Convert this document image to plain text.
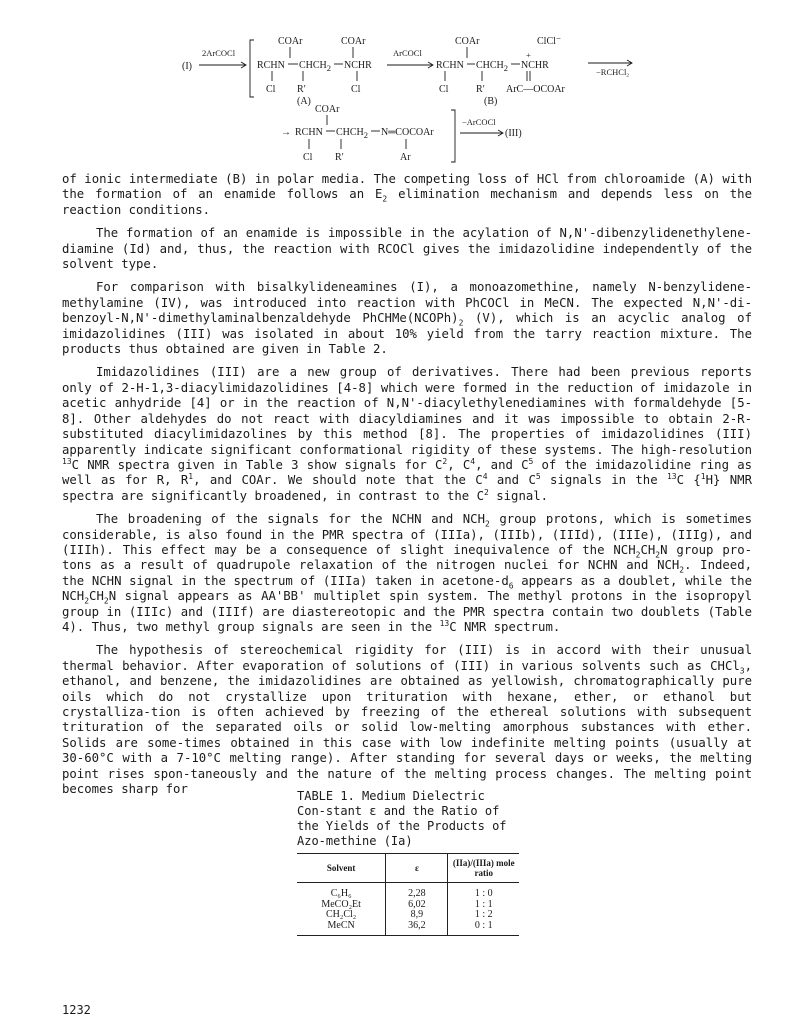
(I)
2ArCOCl
COAr	COAr
RCHN $CHCH_2$ NCHR
Cl R′	Cl
(A)
ArCOCl
COAr	ClCl⁻
+
RCHN $CHCH_2$ NCHR
Cl	R′ ArC—OCOAr
(B)
−RCHCl₂
COAr
→ RCHN $CHCH_2$ N═COCOAr
Cl R′	Ar
−ArCOCl
(III)

of ionic intermediate (B) in polar media. The competing loss of HCl from chloroamide (A) with the formation of an enamide follows an $E_2$ elimination mechanism and depends less on the reaction conditions.

The formation of an enamide is impossible in the acylation of N,N'-dibenzylidenethylene-diamine (Id) and, thus, the reaction with RCOCl gives the imidazolidine independently of the solvent type.

For comparison with bisalkylideneamines (I), a monoazomethine, namely N-benzylidene-methylamine (IV), was introduced into reaction with PhCOCl in MeCN. The expected N,N'-di-benzoyl-N,N'-dimethylaminalbenzaldehyde $PhCHMe(NCOPh)_2$ (V), which is an acyclic analog of imidazolidines (III) was isolated in about 10% yield from the tarry reaction mixture. The products thus obtained are given in Table 2.

Imidazolidines (III) are a new group of derivatives. There had been previous reports only of 2-H-1,3-diacylimidazolidines [4-8] which were formed in the reduction of imidazole in acetic anhydride [4] or in the reaction of N,N'-diacylethylenediamines with formaldehyde [5-8]. Other aldehydes do not react with diacyldiamines and it was impossible to obtain 2-R-substituted diacylimidazolines by this method [8]. The properties of imidazolidines (III) apparently indicate significant conformational rigidity of these systems. The high-resolution $^{13}$C NMR spectra given in Table 3 show signals for $C^2$, $C^4$, and $C^5$ of the imidazolidine ring as well as for R, $R^1$, and COAr. We should note that the $C^4$ and $C^5$ signals in the $^{13}$C {$^1$H} NMR spectra are significantly broadened, in contrast to the $C^2$ signal.

The broadening of the signals for the NCHN and $NCH_2$ group protons, which is sometimes considerable, is also found in the PMR spectra of (IIIa), (IIIb), (IIId), (IIIe), (IIIg), and (IIIh). This effect may be a consequence of slight inequivalence of the $NCH_2CH_2N$ group pro-tons as a result of quadrupole relaxation of the nitrogen nuclei for NCHN and $NCH_2$. Indeed, the NCHN signal in the spectrum of (IIIa) taken in acetone-$d_6$ appears as a doublet, while the $NCH_2CH_2N$ signal appears as AA'BB' multiplet spin system. The methyl protons in the isopropyl group in (IIIc) and (IIIf) are diastereotopic and the PMR spectra contain two doublets (Table 4). Thus, two methyl group signals are seen in the $^{13}$C NMR spectrum.

The hypothesis of stereochemical rigidity for (III) is in accord with their unusual thermal behavior. After evaporation of solutions of (III) in various solvents such as CHCl$_3$, ethanol, and benzene, the imidazolidines are obtained as yellowish, chromatographically pure oils which do not crystallize upon trituration with hexane, ether, or ethanol but crystalliza-tion is often achieved by freezing of the ethereal solutions with subsequent trituration of the separated oils or solid low-melting amorphous substances with ether. Solids are some-times obtained in this case with low indefinite melting points (usually at 30-60°C with a 7-10°C melting range). After standing for several days or weeks, the melting point rises spon-taneously and the nature of the melting process changes. The melting point becomes sharp for	TABLE 1. Medium Dielectric Con-stant ε and the Ratio of the Yields of the Products of Azo-methine (Ia)
Solvent	ε	(IIa)/(IIIa) mole ratio
C₆H₆	2,28	1 : 0
MeCO₂Et	6,02	1 : 1
CH₂Cl₂	8,9	1 : 2
MeCN	36,2	0 : 1
1232
